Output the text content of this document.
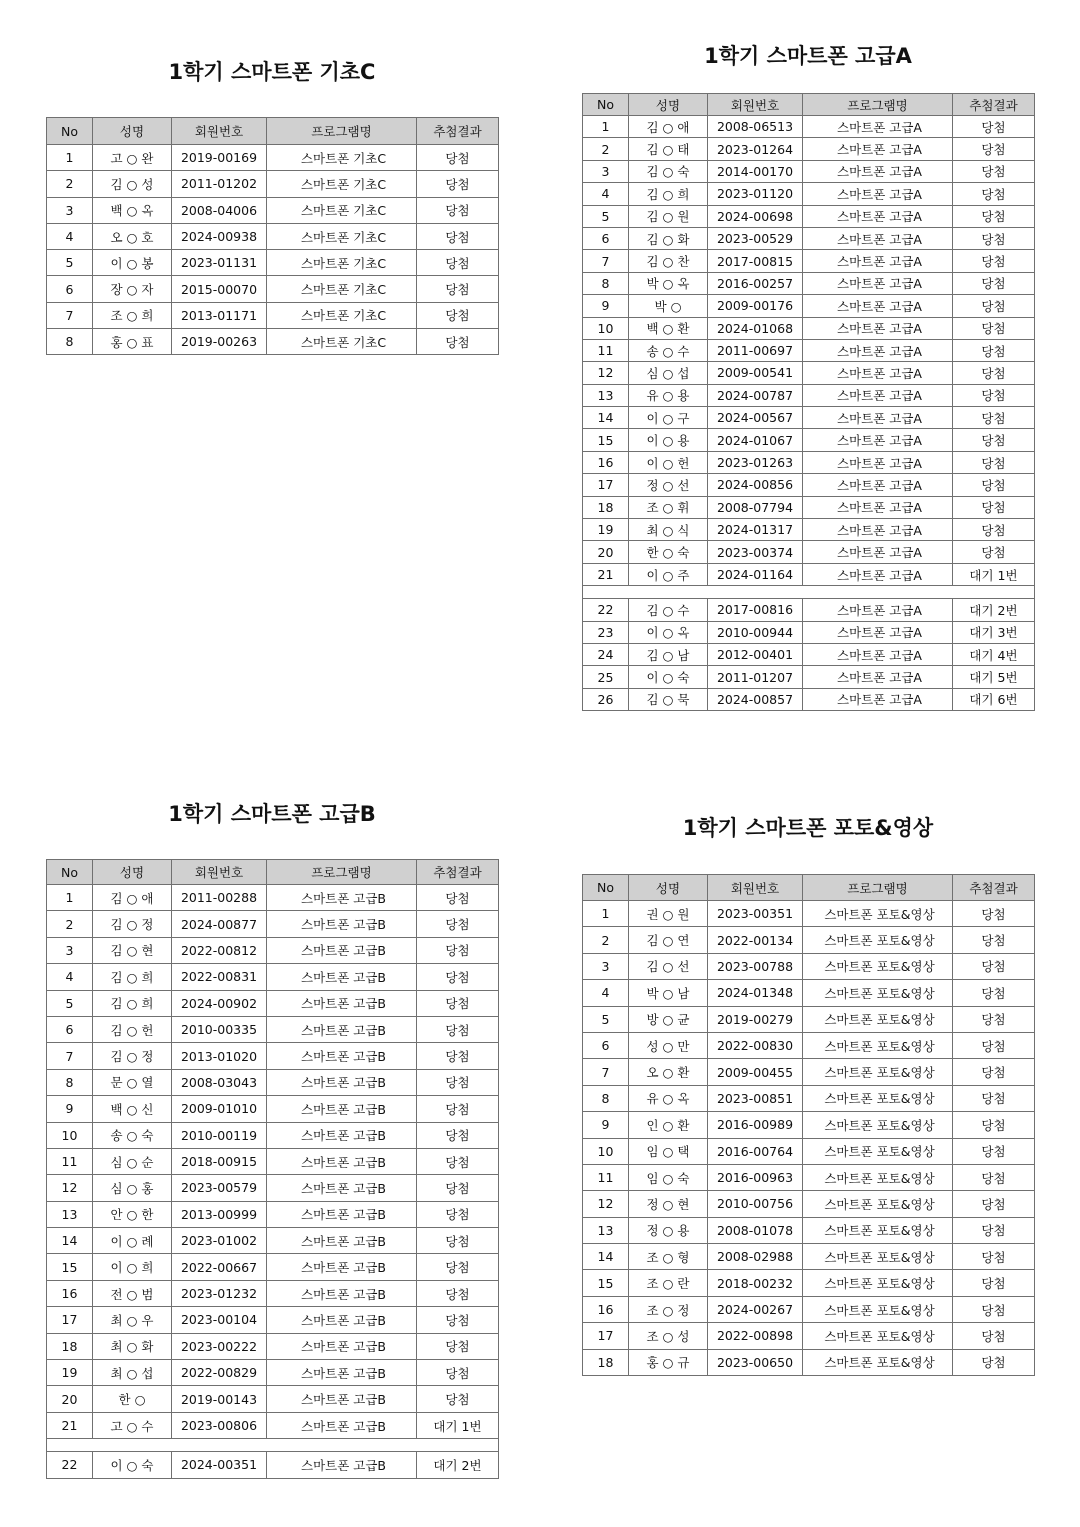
1학기 스마트폰 기초C
No	성명	회원번호	프로그램명	추첨결과
1	고 ○ 완	2019-00169	스마트폰 기초C	당첨
2	김 ○ 성	2011-01202	스마트폰 기초C	당첨
3	백 ○ 옥	2008-04006	스마트폰 기초C	당첨
4	오 ○ 호	2024-00938	스마트폰 기초C	당첨
5	이 ○ 봉	2023-01131	스마트폰 기초C	당첨
6	장 ○ 자	2015-00070	스마트폰 기초C	당첨
7	조 ○ 희	2013-01171	스마트폰 기초C	당첨
8	홍 ○ 표	2019-00263	스마트폰 기초C	당첨
1학기 스마트폰 고급A
No	성명	회원번호	프로그램명	추첨결과
1	김 ○ 애	2008-06513	스마트폰 고급A	당첨
2	김 ○ 태	2023-01264	스마트폰 고급A	당첨
3	김 ○ 숙	2014-00170	스마트폰 고급A	당첨
4	김 ○ 희	2023-01120	스마트폰 고급A	당첨
5	김 ○ 원	2024-00698	스마트폰 고급A	당첨
6	김 ○ 화	2023-00529	스마트폰 고급A	당첨
7	김 ○ 찬	2017-00815	스마트폰 고급A	당첨
8	박 ○ 옥	2016-00257	스마트폰 고급A	당첨
9	박 ○	2009-00176	스마트폰 고급A	당첨
10	백 ○ 환	2024-01068	스마트폰 고급A	당첨
11	송 ○ 수	2011-00697	스마트폰 고급A	당첨
12	심 ○ 섭	2009-00541	스마트폰 고급A	당첨
13	유 ○ 용	2024-00787	스마트폰 고급A	당첨
14	이 ○ 구	2024-00567	스마트폰 고급A	당첨
15	이 ○ 용	2024-01067	스마트폰 고급A	당첨
16	이 ○ 헌	2023-01263	스마트폰 고급A	당첨
17	정 ○ 선	2024-00856	스마트폰 고급A	당첨
18	조 ○ 휘	2008-07794	스마트폰 고급A	당첨
19	최 ○ 식	2024-01317	스마트폰 고급A	당첨
20	한 ○ 숙	2023-00374	스마트폰 고급A	당첨
21	이 ○ 주	2024-01164	스마트폰 고급A	대기 1번

22	김 ○ 수	2017-00816	스마트폰 고급A	대기 2번
23	이 ○ 옥	2010-00944	스마트폰 고급A	대기 3번
24	김 ○ 남	2012-00401	스마트폰 고급A	대기 4번
25	이 ○ 숙	2011-01207	스마트폰 고급A	대기 5번
26	김 ○ 묵	2024-00857	스마트폰 고급A	대기 6번
1학기 스마트폰 고급B
No	성명	회원번호	프로그램명	추첨결과
1	김 ○ 애	2011-00288	스마트폰 고급B	당첨
2	김 ○ 정	2024-00877	스마트폰 고급B	당첨
3	김 ○ 현	2022-00812	스마트폰 고급B	당첨
4	김 ○ 희	2022-00831	스마트폰 고급B	당첨
5	김 ○ 희	2024-00902	스마트폰 고급B	당첨
6	김 ○ 헌	2010-00335	스마트폰 고급B	당첨
7	김 ○ 정	2013-01020	스마트폰 고급B	당첨
8	문 ○ 열	2008-03043	스마트폰 고급B	당첨
9	백 ○ 신	2009-01010	스마트폰 고급B	당첨
10	송 ○ 숙	2010-00119	스마트폰 고급B	당첨
11	심 ○ 순	2018-00915	스마트폰 고급B	당첨
12	심 ○ 홍	2023-00579	스마트폰 고급B	당첨
13	안 ○ 한	2013-00999	스마트폰 고급B	당첨
14	이 ○ 례	2023-01002	스마트폰 고급B	당첨
15	이 ○ 희	2022-00667	스마트폰 고급B	당첨
16	전 ○ 범	2023-01232	스마트폰 고급B	당첨
17	최 ○ 우	2023-00104	스마트폰 고급B	당첨
18	최 ○ 화	2023-00222	스마트폰 고급B	당첨
19	최 ○ 섭	2022-00829	스마트폰 고급B	당첨
20	한 ○	2019-00143	스마트폰 고급B	당첨
21	고 ○ 수	2023-00806	스마트폰 고급B	대기 1번

22	이 ○ 숙	2024-00351	스마트폰 고급B	대기 2번
1학기 스마트폰 포토&영상
No	성명	회원번호	프로그램명	추첨결과
1	권 ○ 원	2023-00351	스마트폰 포토&영상	당첨
2	김 ○ 연	2022-00134	스마트폰 포토&영상	당첨
3	김 ○ 선	2023-00788	스마트폰 포토&영상	당첨
4	박 ○ 남	2024-01348	스마트폰 포토&영상	당첨
5	방 ○ 균	2019-00279	스마트폰 포토&영상	당첨
6	성 ○ 만	2022-00830	스마트폰 포토&영상	당첨
7	오 ○ 환	2009-00455	스마트폰 포토&영상	당첨
8	유 ○ 옥	2023-00851	스마트폰 포토&영상	당첨
9	인 ○ 환	2016-00989	스마트폰 포토&영상	당첨
10	임 ○ 택	2016-00764	스마트폰 포토&영상	당첨
11	임 ○ 숙	2016-00963	스마트폰 포토&영상	당첨
12	정 ○ 현	2010-00756	스마트폰 포토&영상	당첨
13	정 ○ 용	2008-01078	스마트폰 포토&영상	당첨
14	조 ○ 형	2008-02988	스마트폰 포토&영상	당첨
15	조 ○ 란	2018-00232	스마트폰 포토&영상	당첨
16	조 ○ 정	2024-00267	스마트폰 포토&영상	당첨
17	조 ○ 성	2022-00898	스마트폰 포토&영상	당첨
18	홍 ○ 규	2023-00650	스마트폰 포토&영상	당첨
